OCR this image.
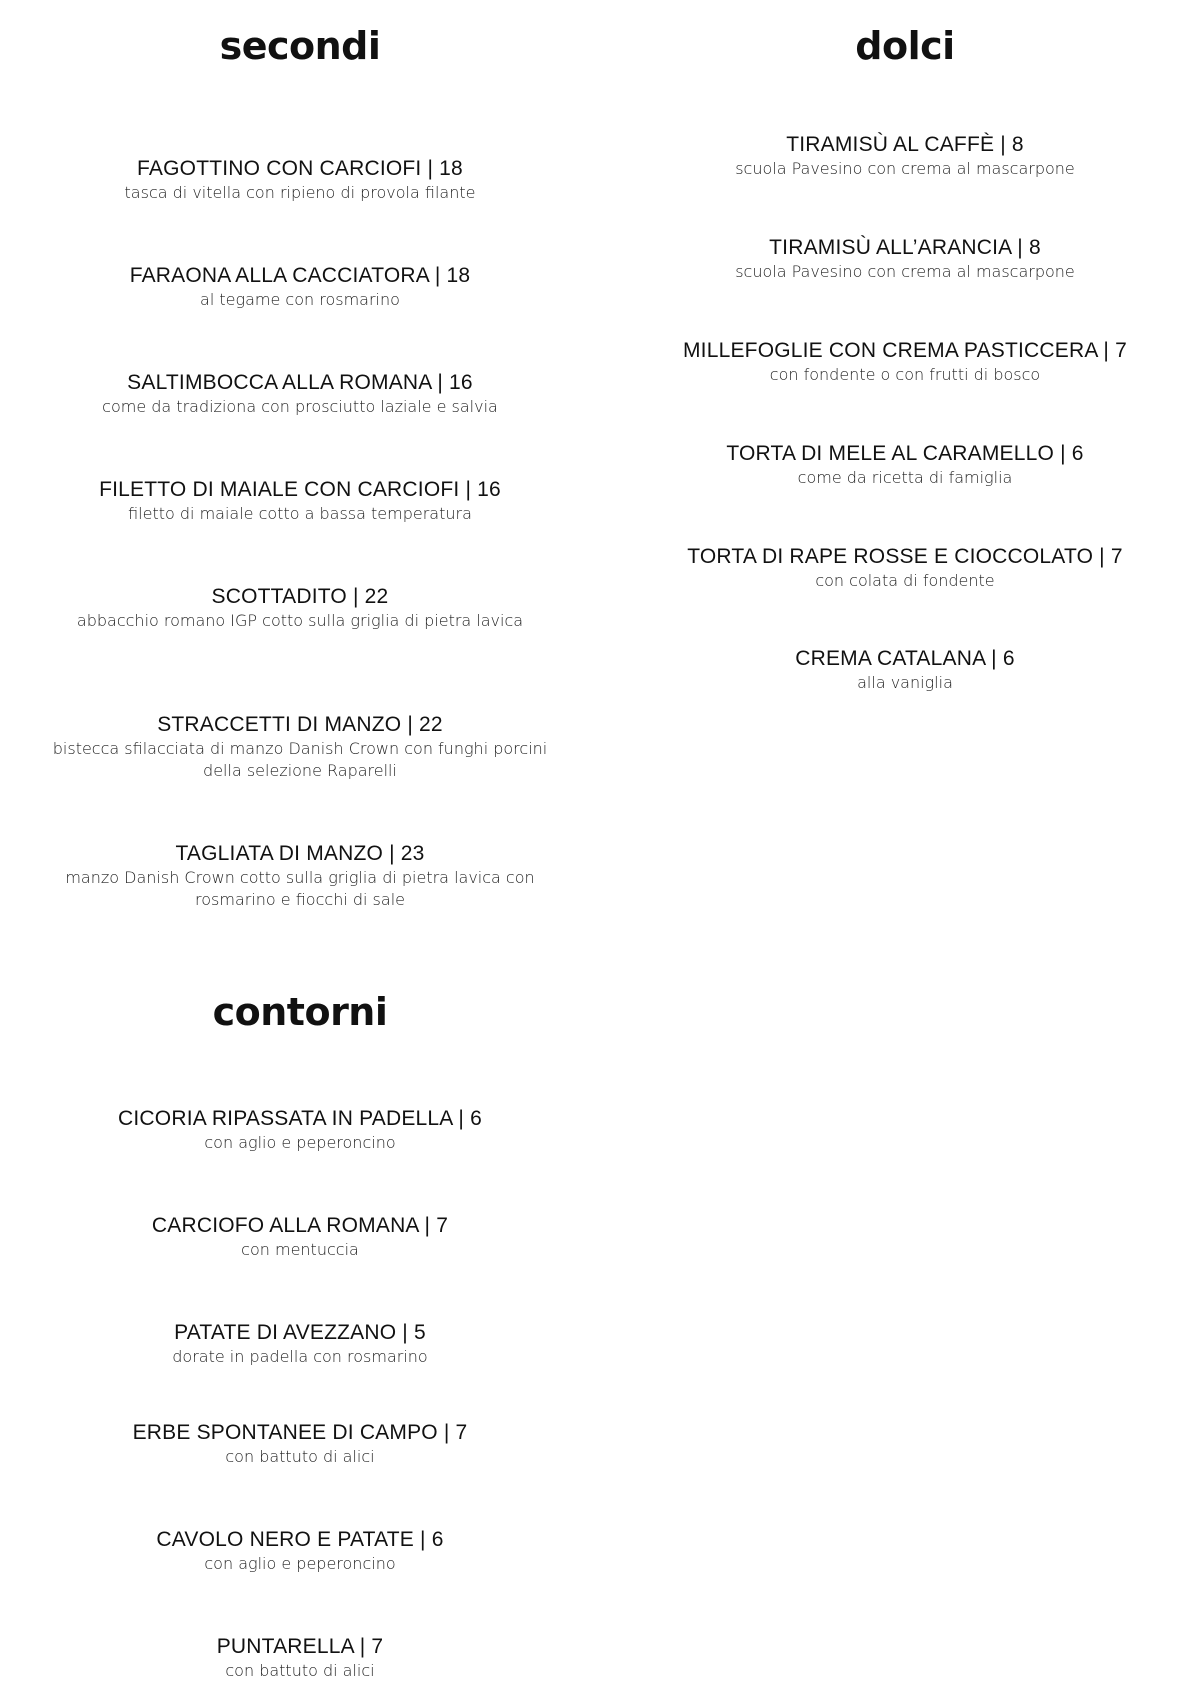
secondi
FAGOTTINO CON CARCIOFI | 18
tasca di vitella con ripieno di provola filante
FARAONA ALLA CACCIATORA | 18
al tegame con rosmarino
SALTIMBOCCA ALLA ROMANA | 16
come da tradiziona con prosciutto laziale e salvia
FILETTO DI MAIALE CON CARCIOFI | 16
filetto di maiale cotto a bassa temperatura
SCOTTADITO | 22
abbacchio romano IGP cotto sulla griglia di pietra lavica
STRACCETTI DI MANZO | 22
bistecca sfilacciata di manzo Danish Crown con funghi porcini della selezione Raparelli
TAGLIATA DI MANZO | 23
manzo Danish Crown cotto sulla griglia di pietra lavica con rosmarino e fiocchi di sale
contorni
CICORIA RIPASSATA IN PADELLA | 6
con aglio e peperoncino
CARCIOFO ALLA ROMANA | 7
con mentuccia
PATATE DI AVEZZANO | 5
dorate in padella con rosmarino
ERBE SPONTANEE DI CAMPO | 7
con battuto di alici
CAVOLO NERO E PATATE | 6
con aglio e peperoncino
PUNTARELLA | 7
con battuto di alici
dolci
TIRAMISÙ AL CAFFÈ | 8
scuola Pavesino con crema al mascarpone
TIRAMISÙ ALL’ARANCIA | 8
scuola Pavesino con crema al mascarpone
MILLEFOGLIE CON CREMA PASTICCERA | 7
con fondente o con frutti di bosco
TORTA DI MELE AL CARAMELLO | 6
come da ricetta di famiglia
TORTA DI RAPE ROSSE E CIOCCOLATO | 7
con colata di fondente
CREMA CATALANA | 6
alla vaniglia
